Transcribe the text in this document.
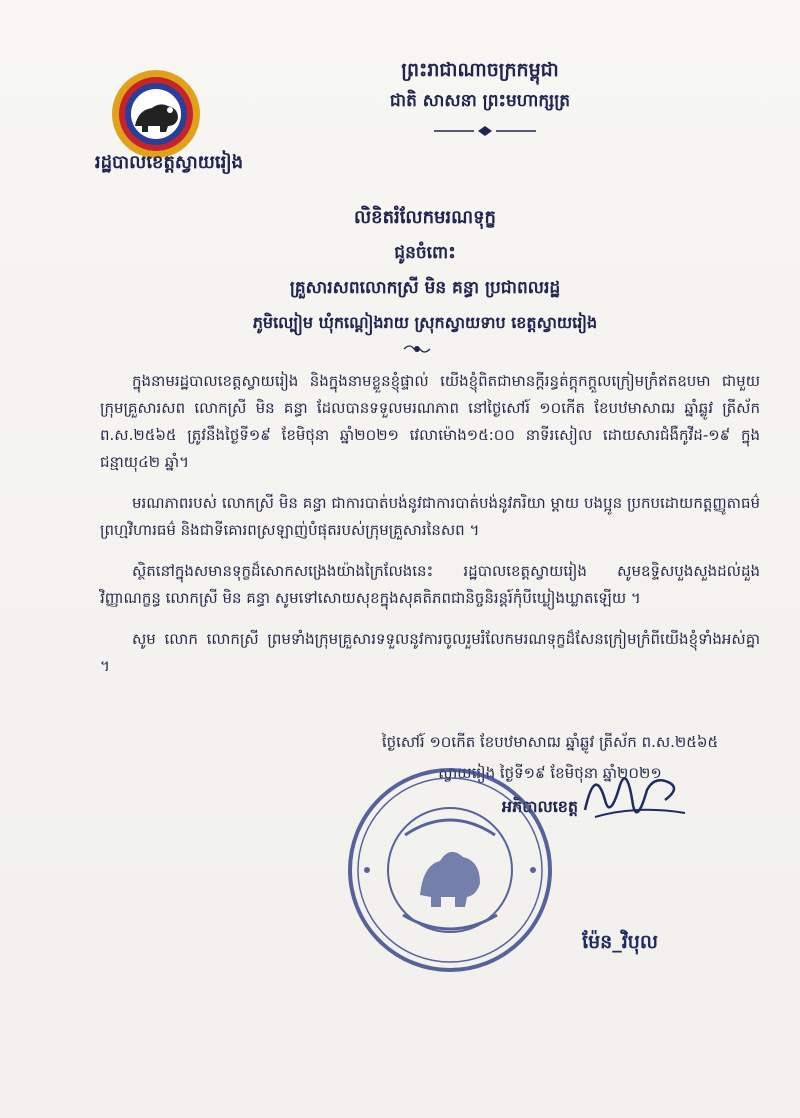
រដ្ឋបាលខេត្តស្វាយរៀង
ព្រះរាជាណាចក្រកម្ពុជា
ជាតិ សាសនា ព្រះមហាក្សត្រ
លិខិតរំលែកមរណទុក្ខ
ជូនចំពោះ
គ្រួសារសពលោកស្រី មិន គន្ធា ប្រជាពលរដ្ឋ
ភូមិល្បៀម ឃុំកណ្ដៀងរាយ ស្រុកស្វាយទាប ខេត្តស្វាយរៀង

ក្នុងនាមរដ្ឋបាលខេត្តស្វាយរៀង និងក្នុងនាមខ្លួនខ្ញុំផ្ទាល់ យើងខ្ញុំពិតជាមានក្ដីរន្ធត់ក្ដុកក្ដួលក្រៀមក្រំឥតឧបមា ជាមួយក្រុមគ្រួសារសព លោកស្រី មិន គន្ធា ដែលបានទទួលមរណភាព នៅថ្ងៃសៅរ៍ ១០កើត ខែបឋមាសាឍ ឆ្នាំឆ្លូវ ត្រីស័ក ព.ស.២៥៦៥ ត្រូវនឹងថ្ងៃទី១៩ ខែមិថុនា ឆ្នាំ២០២១ វេលាម៉ោង១៥:០០ នាទីរសៀល ដោយសារជំងឺកូវីដ-១៩ ក្នុងជន្មាយុ៤២ ឆ្នាំ។

មរណភាពរបស់ លោកស្រី មិន គន្ធា ជាការបាត់បង់នូវជាការបាត់បង់នូវភរិយា ម្ដាយ បងប្អូន ប្រកបដោយកត្តញ្ញូតាធម៌ ព្រហ្មវិហារធម៌ និងជាទីគោរពស្រឡាញ់បំផុតរបស់ក្រុមគ្រួសារនៃសព ។

ស្ថិតនៅក្នុងសមានទុក្ខដ៏សោកសង្រេងយ៉ាងក្រៃលែងនេះ រដ្ឋបាលខេត្តស្វាយរៀង សូមឧទ្ទិសបួងសួងដល់ដួងវិញ្ញាណក្ខន្ធ លោកស្រី មិន គន្ធា សូមទៅសោយសុខក្នុងសុគតិភពជានិច្ចនិរន្តរ៍កុំបីឃ្លៀងឃ្លាតឡើយ ។

សូម លោក លោកស្រី ព្រមទាំងក្រុមគ្រួសារទទួលនូវការចូលរួមរំលែកមរណទុក្ខដ៏សែនក្រៀមក្រំពីយើងខ្ញុំទាំងអស់គ្នា ។

ថ្ងៃសៅរ៍ ១០កើត ខែបឋមាសាឍ ឆ្នាំឆ្លូវ ត្រីស័ក ព.ស.២៥៦៥
ស្វាយរៀង ថ្ងៃទី១៩ ខែមិថុនា ឆ្នាំ២០២១
អភិបាលខេត្ត
ម៉ែន_វិបុល
